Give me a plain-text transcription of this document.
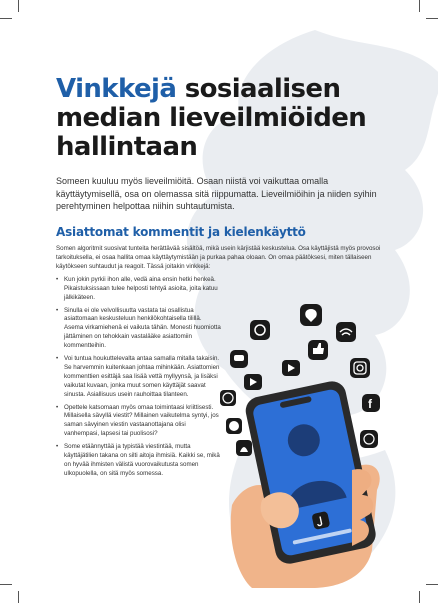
Vinkkejä sosiaalisen median lieveilmiöiden hallintaan

Someen kuuluu myös lieveilmiöitä. Osaan niistä voi vaikuttaa omalla käyttäytymisellä, osa on olemassa sitä riippumatta. Lieveilmiöihin ja niiden syihin perehtyminen helpottaa niihin suhtautumista.

Asiattomat kommentit ja kielenkäyttö

Somen algoritmit suosivat tunteita herättävää sisältöä, mikä usein kärjistää keskustelua. Osa käyttäjistä myös provosoi tarkoituksella, ei osaa hallita omaa käyttäytymistään ja purkaa pahaa oloaan. On omaa päätöksesi, miten tällaiseen käytökseen suhtaudut ja reagoit. Tässä joitakin vinkkejä:

• Kun jokin pyrkii ihon alle, vedä aina ensin hetki henkeä. Pikaistuksissaan tulee helposti tehtyä asioita, joita katuu jälkikäteen.
• Sinulla ei ole velvollisuutta vastata tai osallistua asiattomaan keskusteluun henkilökohtaisella tilillä. Asema virkamiehenä ei vaikuta tähän. Monesti huomiotta jättäminen on tehokkain vastalääke asiattomiin kommentteihin.
• Voi tuntua houkuttelevalta antaa samalla mitalla takaisin. Se harvemmin kuitenkaan johtaa mihinkään. Asiattomien kommenttien esittäjä saa lisää vettä myllyynsä, ja lisäksi vaikutat kuvaan, jonka muut somen käyttäjät saavat sinusta. Asiallisuus usein rauhoittaa tilanteen.
• Opettele katsomaan myös omaa toimintaasi kriittisesti. Millaisella sävyllä viestit? Millainen vaikutelma syntyi, jos saman sävyinen viestin vastaanottajana olisi vanhempasi, lapsesi tai puolisosi?
• Some etäännyttää ja typistää viestintää, mutta käyttäjätilien takana on silti aitoja ihmisiä. Kaikki se, mikä on hyvää ihmisten välistä vuorovaikutusta somen ulkopuolella, on sitä myös somessa.
f
